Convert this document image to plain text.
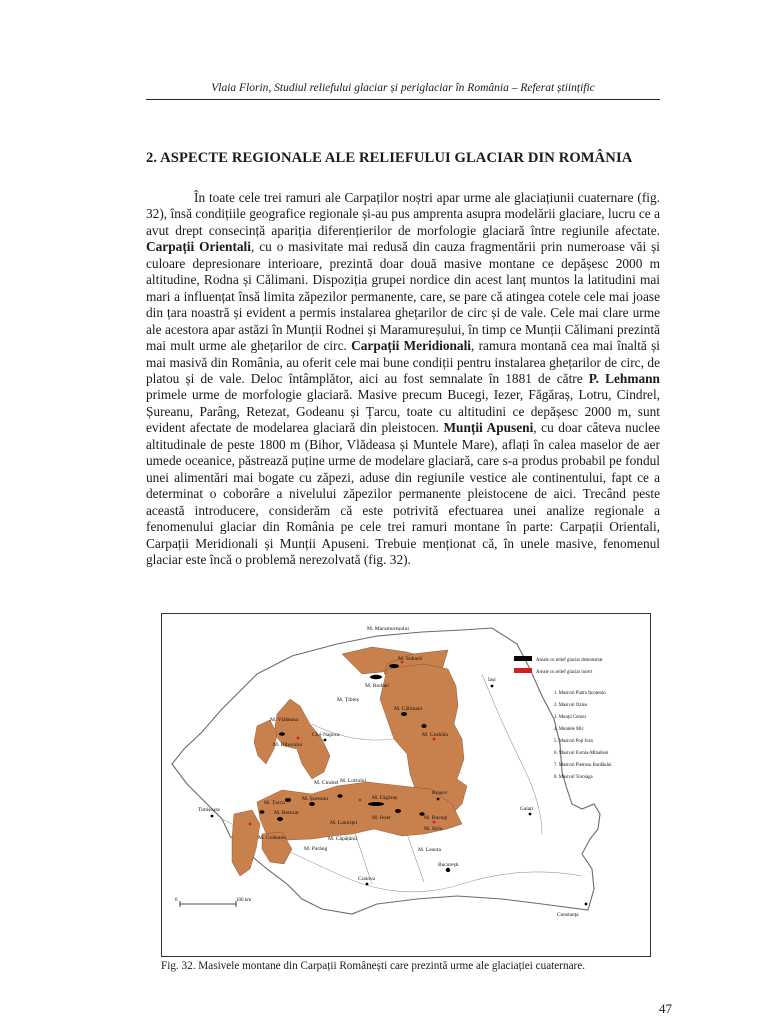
Vlaia Florin, Studiul reliefului glaciar și periglaciar în România – Referat științific
2. ASPECTE REGIONALE ALE RELIEFULUI GLACIAR DIN ROMÂNIA

În toate cele trei ramuri ale Carpaților noștri apar urme ale glaciațiunii cuaternare (fig. 32), însă condițiile geografice regionale și-au pus amprenta asupra modelării glaciare, lucru ce a avut drept consecință apariția diferențierilor de morfologie glaciară între regiunile afectate. Carpații Orientali, cu o masivitate mai redusă din cauza fragmentării prin numeroase văi și culoare depresionare interioare, prezintă doar două masive montane ce depășesc 2000 m altitudine, Rodna și Călimani. Dispoziția grupei nordice din acest lanț muntos la latitudini mai mari a influențat însă limita zăpezilor permanente, care, se pare că atingea cotele cele mai joase din țara noastră și evident a permis instalarea ghețarilor de circ și de vale. Cele mai clare urme ale acestora apar astăzi în Munții Rodnei și Maramureșului, în timp ce Munții Călimani prezintă mai mult urme ale ghețarilor de circ. Carpații Meridionali, ramura montană cea mai înaltă și mai masivă din România, au oferit cele mai bune condiții pentru instalarea ghețarilor de circ, de platou și de vale. Deloc întâmplător, aici au fost semnalate în 1881 de către P. Lehmann primele urme de morfologie glaciară. Masive precum Bucegi, Iezer, Făgăraș, Lotru, Cindrel, Șureanu, Parâng, Retezat, Godeanu și Țarcu, toate cu altitudini ce depășesc 2000 m, sunt evident afectate de modelarea glaciară din pleistocen. Munții Apuseni, cu doar câteva nuclee altitudinale de peste 1800 m (Bihor, Vlădeasa și Muntele Mare), aflați în calea maselor de aer umede oceanice, păstrează puține urme de modelare glaciară, care s-a produs probabil pe fondul unei alimentări mai bogate cu zăpezi, aduse din regiunile vestice ale continentului, fapt ce a determinat o coborâre a nivelului zăpezilor permanente pleistocene de aici. Trecând peste această introducere, considerăm că este potrivită efectuarea unei analize regionale a fenomenului glaciar din România pe cele trei ramuri montane în parte: Carpații Orientali, Carpații Meridionali și Munții Apuseni. Trebuie menționat că, în unele masive, fenomenul glaciar este încă o problemă nerezolvată (fig. 32).

Areale cu relief glaciar demonstrat
Areale cu relief glaciar incert
1. Masivul Piatra Ițcoșenio
2. Masivul Ozlea
3. Munții Cernei
4. Muntele Mic
5. Masivul Pop Ivan
6. Masivul Furnia-Mihaileni
7. Masivul Pietrosu Bardãului
8. Masivul Toroiaga
M. Maramureșului
M. Suhard
M. Rodnei
M. Țibleș
M. Călimani
M. Ceahlău
M. Vlădeasa
M. Bihorului
M. Cindrel M. Lotrului
M. Făgăraș
M. Țarcu
M. Șureanu
M. Retezat
M. Latoriței
M. Iezer	M. Bucegi
M. Siriu
M. Godeanu	M. Căpățânii
M. Parâng	M. Leaota
Cluj-Napoca
Iași
Timișoara
Brașov
Galați
Craiova
București
Constanța
0	100 km
Fig. 32. Masivele montane din Carpații Românești care prezintă urme ale glaciației cuaternare.
47
